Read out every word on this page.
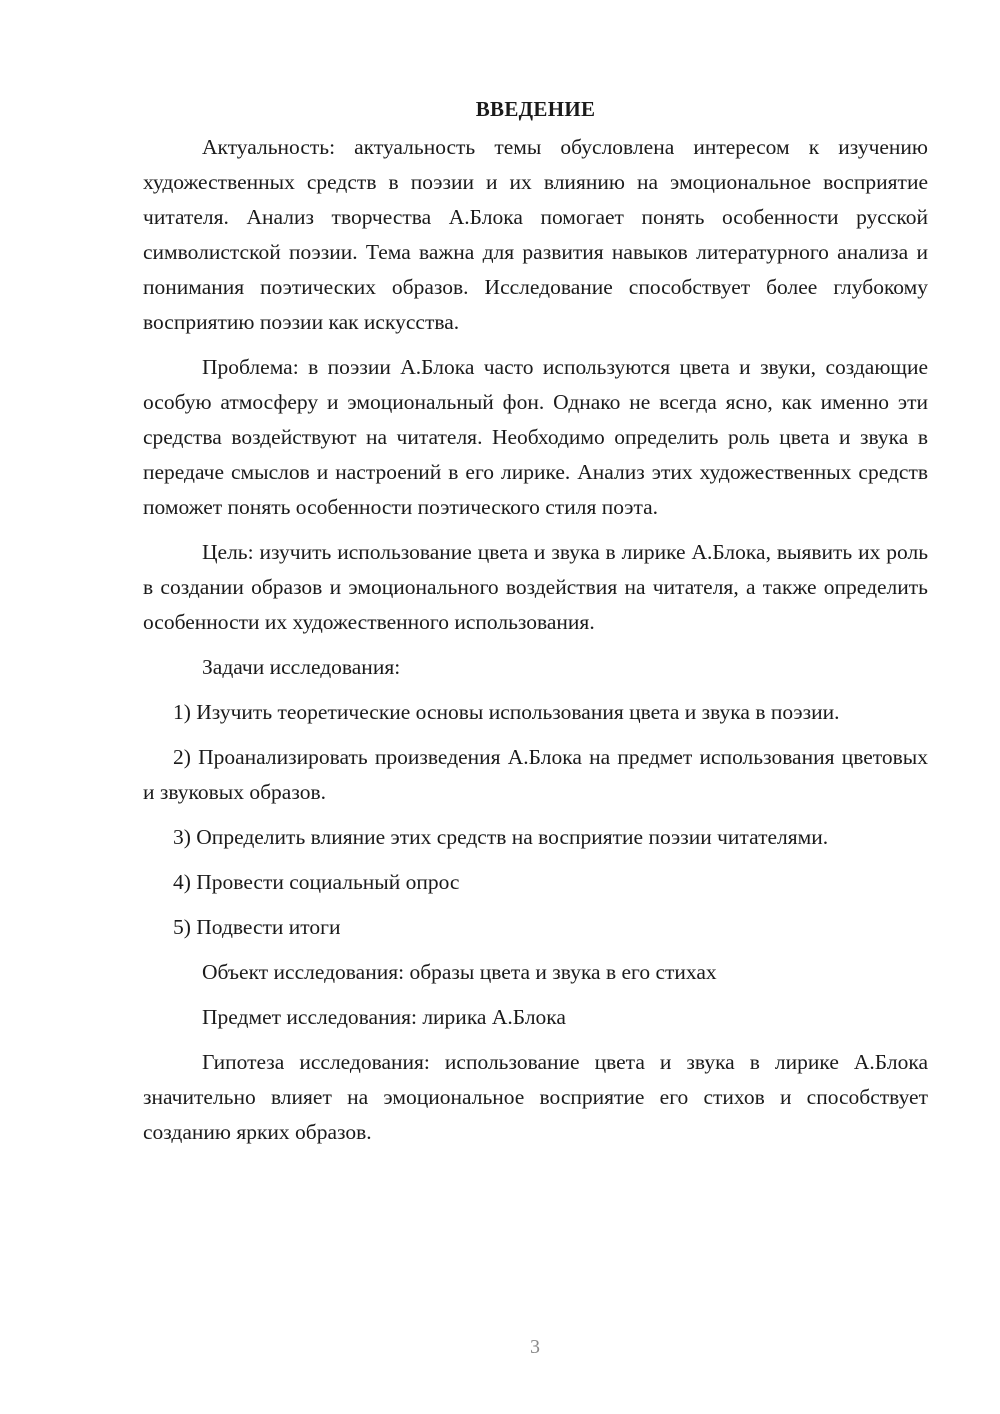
ВВЕДЕНИЕ

Актуальность: актуальность темы обусловлена интересом к изучению художественных средств в поэзии и их влиянию на эмоциональное восприятие читателя. Анализ творчества А.Блока помогает понять особенности русской символистской поэзии. Тема важна для развития навыков литературного анализа и понимания поэтических образов. Исследование способствует более глубокому восприятию поэзии как искусства.

Проблема: в поэзии А.Блока часто используются цвета и звуки, создающие особую атмосферу и эмоциональный фон. Однако не всегда ясно, как именно эти средства воздействуют на читателя. Необходимо определить роль цвета и звука в передаче смыслов и настроений в его лирике. Анализ этих художественных средств поможет понять особенности поэтического стиля поэта.

Цель: изучить использование цвета и звука в лирике А.Блока, выявить их роль в создании образов и эмоционального воздействия на читателя, а также определить особенности их художественного использования.

Задачи исследования:

1) Изучить теоретические основы использования цвета и звука в поэзии.

2) Проанализировать произведения А.Блока на предмет использования цветовых и звуковых образов.

3) Определить влияние этих средств на восприятие поэзии читателями.

4) Провести социальный опрос

5) Подвести итоги

Объект исследования: образы цвета и звука в его стихах

Предмет исследования: лирика А.Блока

Гипотеза исследования: использование цвета и звука в лирике А.Блока значительно влияет на эмоциональное восприятие его стихов и способствует созданию ярких образов.

3
